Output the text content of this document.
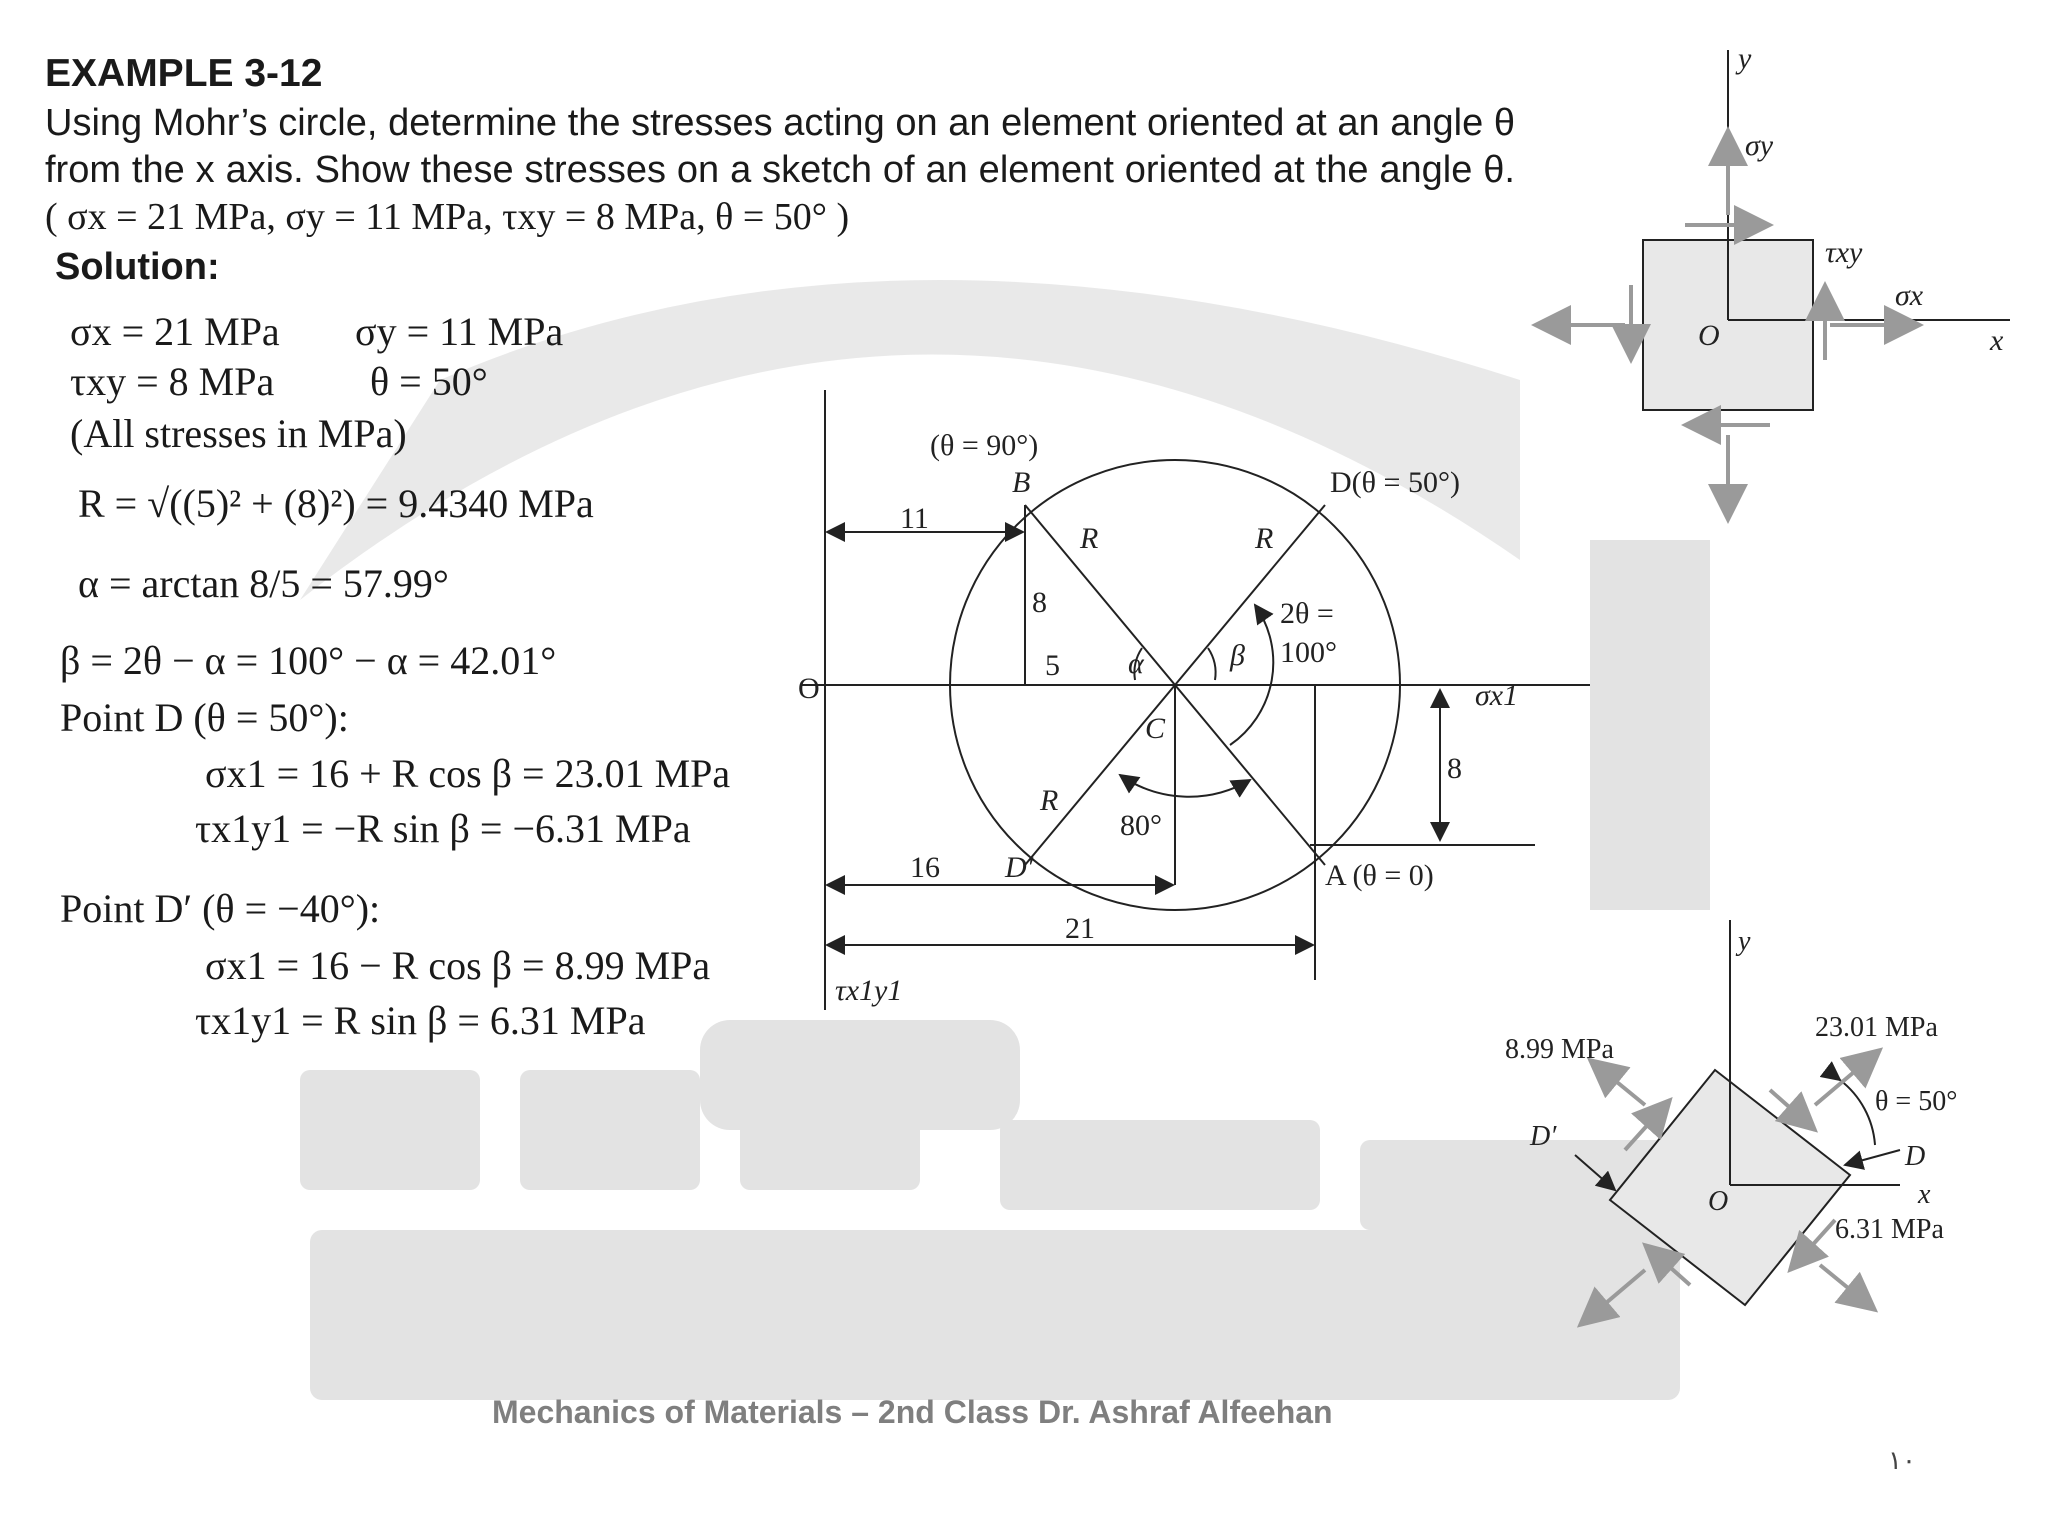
EXAMPLE 3-12
Using Mohr’s circle, determine the stresses acting on an element oriented at an angle θ from the x axis. Show these stresses on a sketch of an element oriented at the angle θ. ( σx = 21 MPa, σy = 11 MPa, τxy = 8 MPa, θ = 50° )
Solution:
σx = 21 MPa σy = 11 MPa
τxy = 8 MPa θ = 50°
(All stresses in MPa)
R = √((5)² + (8)²) = 9.4340 MPa
α = arctan 8/5 = 57.99°
β = 2θ − α = 100° − α = 42.01°
Point D (θ = 50°):
σx1 = 16 + R cos β = 23.01 MPa
τx1y1 = −R sin β = −6.31 MPa
Point D′ (θ = −40°):
σx1 = 16 − R cos β = 8.99 MPa
τx1y1 = R sin β = 6.31 MPa
O
(θ = 90°)
B	D(θ = 50°)
A (θ = 0)
D′
C
R	R
R
11
8
5
16
21
8
2θ =
100°
α	β
80°
σx1
τx1y1
y
x
σy
σx
τxy
O
y
x
8.99 MPa
23.01 MPa
θ = 50°
D
D′
O
6.31 MPa
Mechanics of Materials – 2nd Class Dr. Ashraf Alfeehan
١٠
